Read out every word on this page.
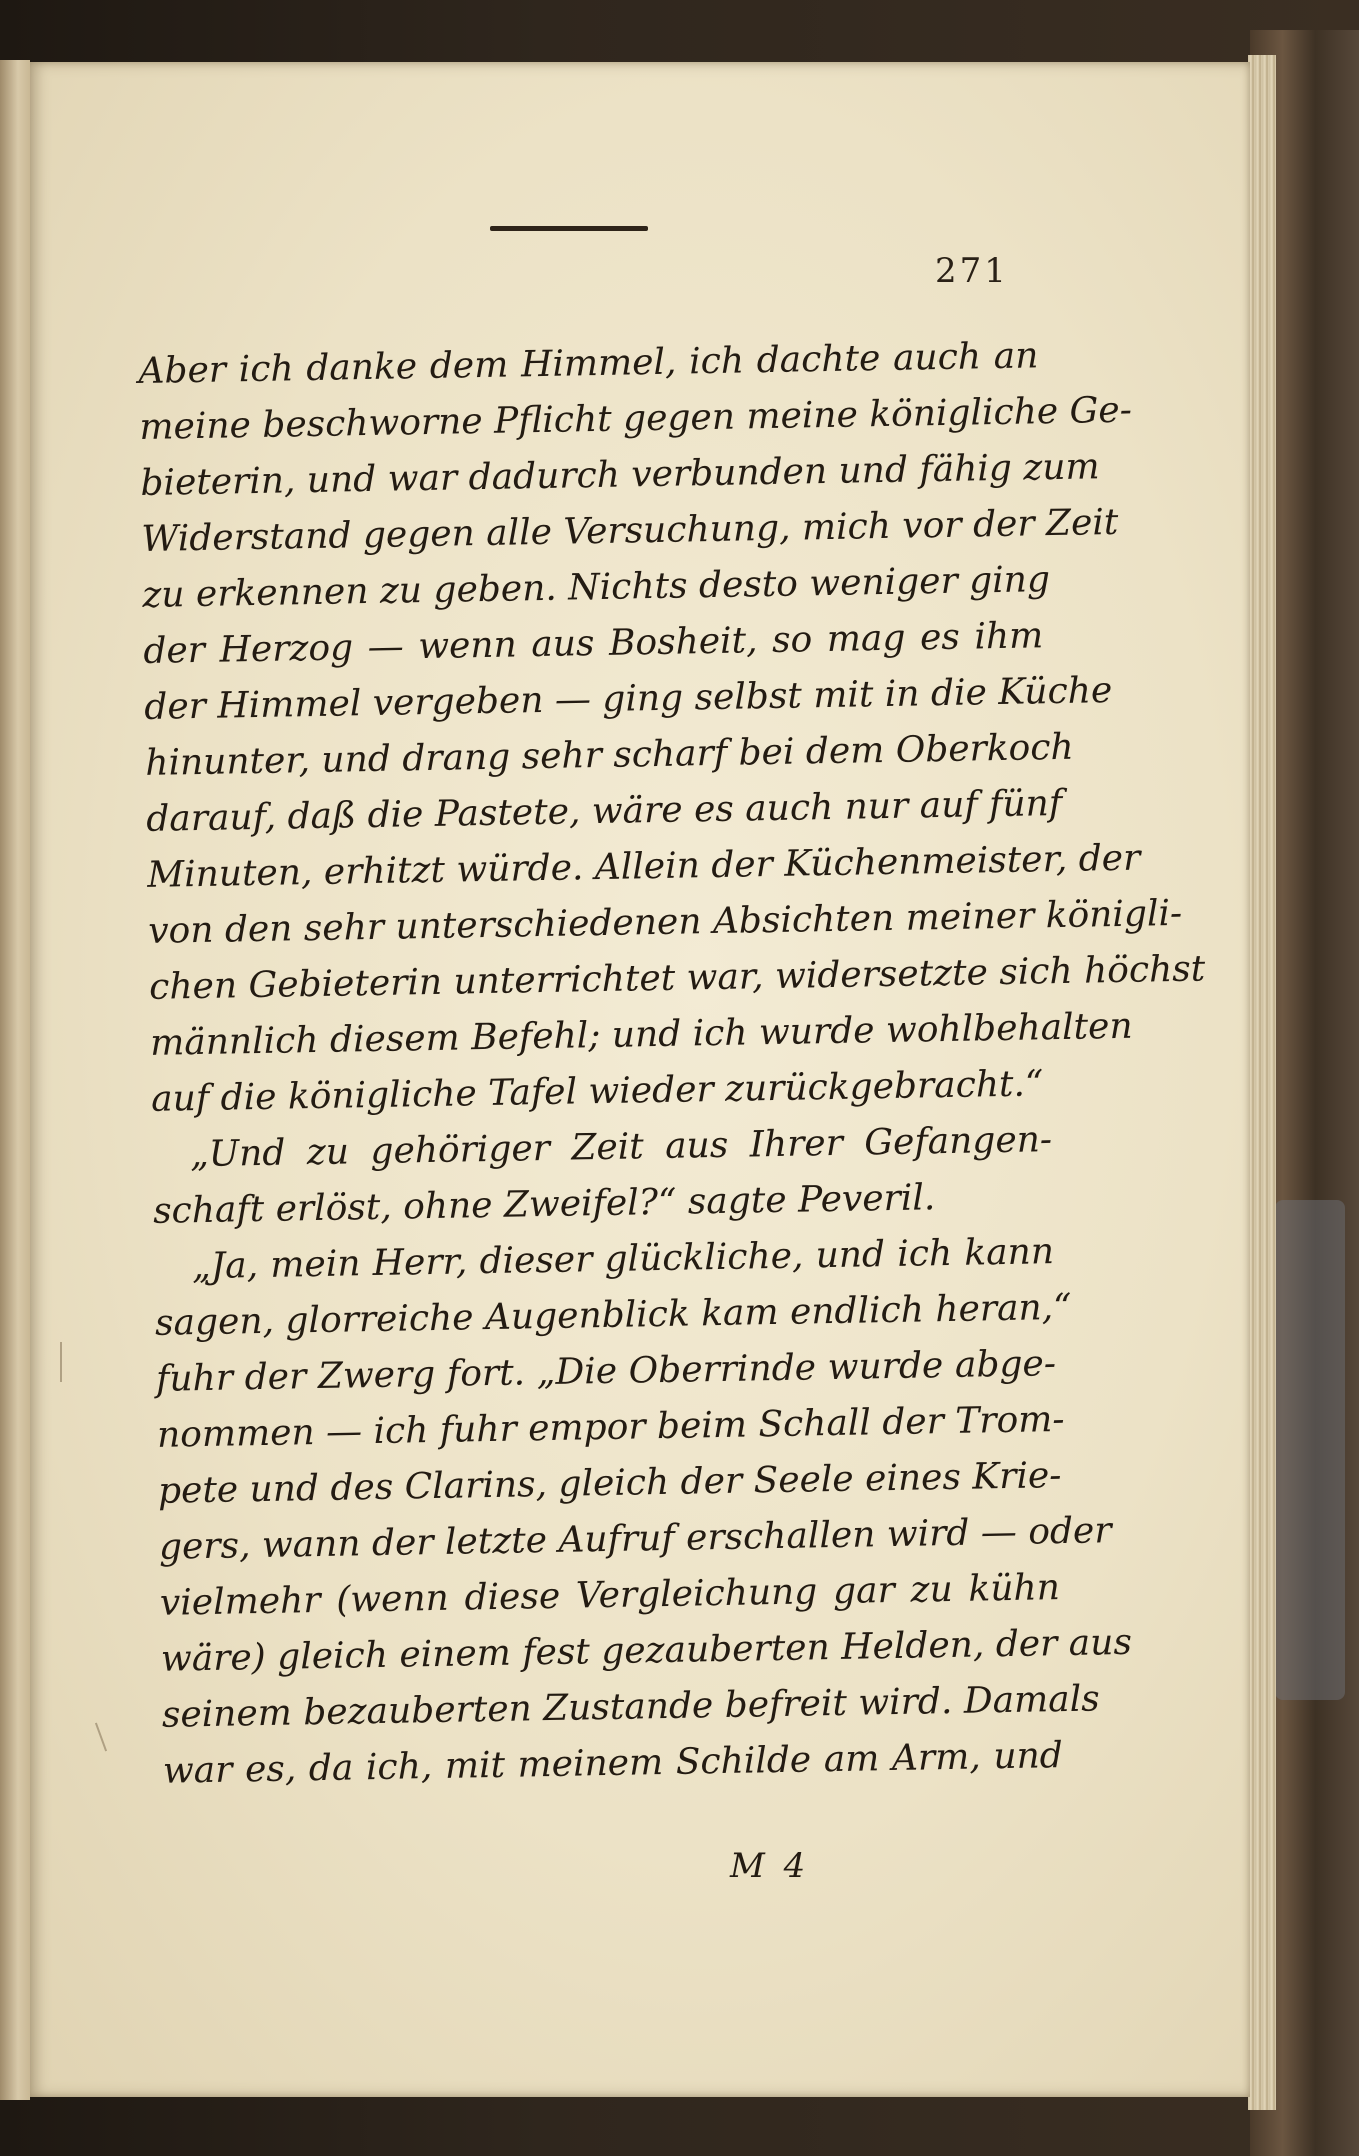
271
Aber ich danke dem Himmel, ich dachte auch an
meine beschworne Pflicht gegen meine königliche Ge-
bieterin, und war dadurch verbunden und fähig zum
Widerstand gegen alle Versuchung, mich vor der Zeit
zu erkennen zu geben. Nichts desto weniger ging
der Herzog — wenn aus Bosheit, so mag es ihm
der Himmel vergeben — ging selbst mit in die Küche
hinunter, und drang sehr scharf bei dem Oberkoch
darauf, daß die Pastete, wäre es auch nur auf fünf
Minuten, erhitzt würde. Allein der Küchenmeister, der
von den sehr unterschiedenen Absichten meiner königli-
chen Gebieterin unterrichtet war, widersetzte sich höchst
männlich diesem Befehl; und ich wurde wohlbehalten
auf die königliche Tafel wieder zurückgebracht.“
„Und zu gehöriger Zeit aus Ihrer Gefangen-
schaft erlöst, ohne Zweifel?“ sagte Peveril.
„Ja, mein Herr, dieser glückliche, und ich kann
sagen, glorreiche Augenblick kam endlich heran,“
fuhr der Zwerg fort. „Die Oberrinde wurde abge-
nommen — ich fuhr empor beim Schall der Trom-
pete und des Clarins, gleich der Seele eines Krie-
gers, wann der letzte Aufruf erschallen wird — oder
vielmehr (wenn diese Vergleichung gar zu kühn
wäre) gleich einem fest gezauberten Helden, der aus
seinem bezauberten Zustande befreit wird. Damals
war es, da ich, mit meinem Schilde am Arm, und
M 4
